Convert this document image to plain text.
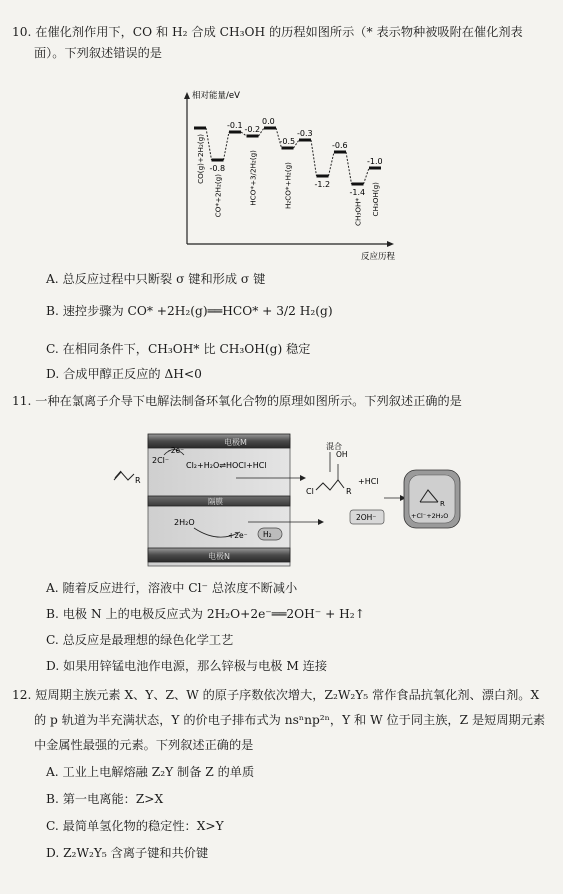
10. 在催化剂作用下，CO 和 H₂ 合成 CH₃OH 的历程如图所示（* 表示物种被吸附在催化剂表
面）。下列叙述错误的是
相对能量/eV
反应历程
-0.8
-0.1 -0.2
0.0
-0.5
-0.3
-1.2
-0.6
-1.4
-1.0
CO(g)+2H₂(g)
CO*+2H₂(g)	HCO*+3/2H₂(g)	H₂CO*+H₂(g)
CH₃OH* CH₃OH(g)
A. 总反应过程中只断裂 σ 键和形成 σ 键
B. 速控步骤为 CO* +2H₂(g)══HCO* + 3/2 H₂(g)
C. 在相同条件下，CH₃OH* 比 CH₃OH(g) 稳定
D. 合成甲醇正反应的 ΔH<0
11. 一种在氯离子介导下电解法制备环氧化合物的原理如图所示。下列叙述正确的是
电极M
隔膜
电极N
R
2Cl⁻
-2e⁻
Cl₂+H₂O⇌HOCl+HCl
2H₂O
+2e⁻ H₂
混合
OH
Cl	R
+HCl
2OH⁻
R
+Cl⁻+2H₂O
A. 随着反应进行，溶液中 Cl⁻ 总浓度不断减小
B. 电极 N 上的电极反应式为 2H₂O+2e⁻══2OH⁻ + H₂↑
C. 总反应是最理想的绿色化学工艺
D. 如果用锌锰电池作电源，那么锌极与电极 M 连接
12. 短周期主族元素 X、Y、Z、W 的原子序数依次增大，Z₂W₂Y₅ 常作食品抗氧化剂、漂白剂。X
的 p 轨道为半充满状态，Y 的价电子排布式为 nsⁿnp²ⁿ，Y 和 W 位于同主族，Z 是短周期元素
中金属性最强的元素。下列叙述正确的是
A. 工业上电解熔融 Z₂Y 制备 Z 的单质
B. 第一电离能：Z>X
C. 最简单氢化物的稳定性：X>Y
D. Z₂W₂Y₅ 含离子键和共价键
